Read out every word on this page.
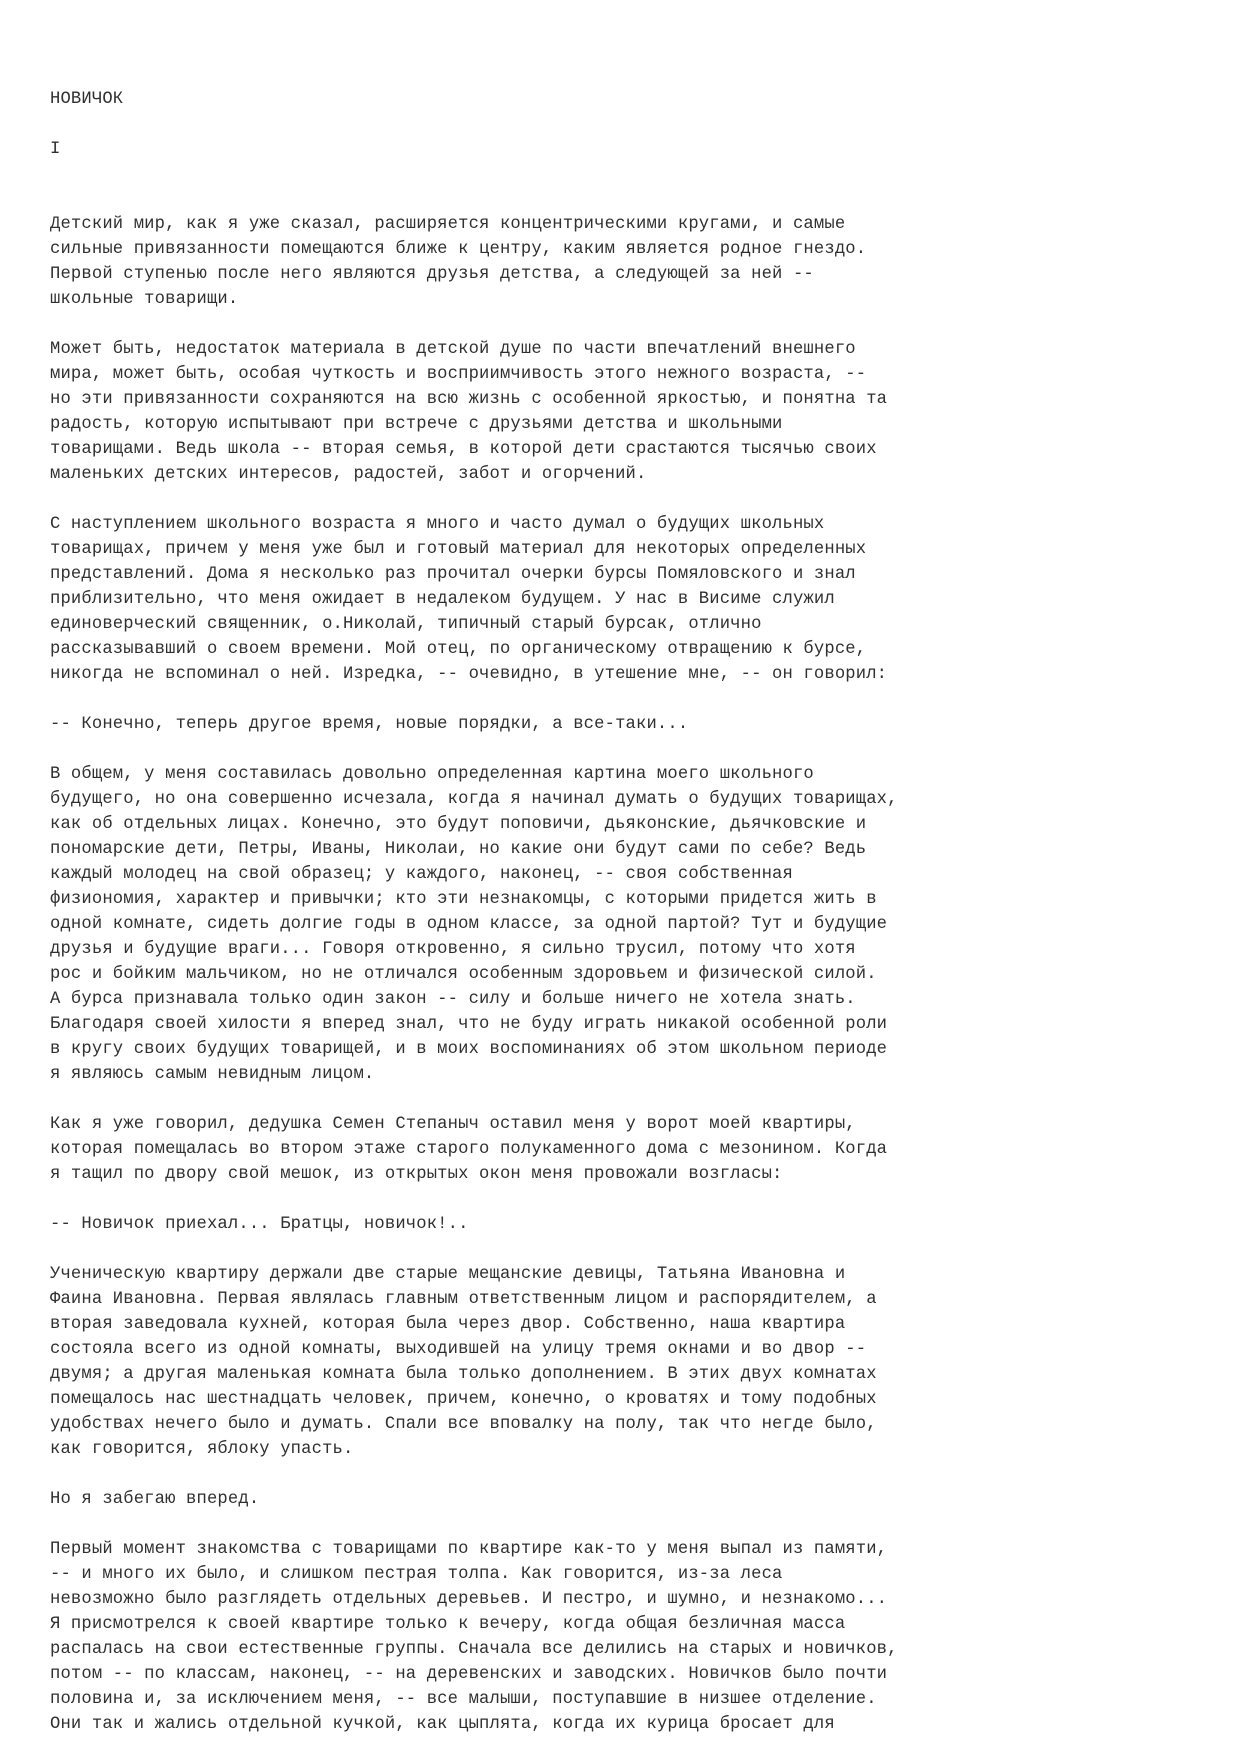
НОВИЧОК
I
Детский мир, как я уже сказал, расширяется концентрическими кругами, и самые
сильные привязанности помещаются ближе к центру, каким является родное гнездо.
Первой ступенью после него являются друзья детства, а следующей за ней --
школьные товарищи.
Может быть, недостаток материала в детской душе по части впечатлений внешнего
мира, может быть, особая чуткость и восприимчивость этого нежного возраста, --
но эти привязанности сохраняются на всю жизнь с особенной яркостью, и понятна та
радость, которую испытывают при встрече с друзьями детства и школьными
товарищами. Ведь школа -- вторая семья, в которой дети срастаются тысячью своих
маленьких детских интересов, радостей, забот и огорчений.
С наступлением школьного возраста я много и часто думал о будущих школьных
товарищах, причем у меня уже был и готовый материал для некоторых определенных
представлений. Дома я несколько раз прочитал очерки бурсы Помяловского и знал
приблизительно, что меня ожидает в недалеком будущем. У нас в Висиме служил
единоверческий священник, о.Николай, типичный старый бурсак, отлично
рассказывавший о своем времени. Мой отец, по органическому отвращению к бурсе,
никогда не вспоминал о ней. Изредка, -- очевидно, в утешение мне, -- он говорил:
-- Конечно, теперь другое время, новые порядки, а все-таки...
В общем, у меня составилась довольно определенная картина моего школьного
будущего, но она совершенно исчезала, когда я начинал думать о будущих товарищах,
как об отдельных лицах. Конечно, это будут поповичи, дьяконские, дьячковские и
пономарские дети, Петры, Иваны, Николаи, но какие они будут сами по себе? Ведь
каждый молодец на свой образец; у каждого, наконец, -- своя собственная
физиономия, характер и привычки; кто эти незнакомцы, с которыми придется жить в
одной комнате, сидеть долгие годы в одном классе, за одной партой? Тут и будущие
друзья и будущие враги... Говоря откровенно, я сильно трусил, потому что хотя
рос и бойким мальчиком, но не отличался особенным здоровьем и физической силой.
А бурса признавала только один закон -- силу и больше ничего не хотела знать.
Благодаря своей хилости я вперед знал, что не буду играть никакой особенной роли
в кругу своих будущих товарищей, и в моих воспоминаниях об этом школьном периоде
я являюсь самым невидным лицом.
Как я уже говорил, дедушка Семен Степаныч оставил меня у ворот моей квартиры,
которая помещалась во втором этаже старого полукаменного дома с мезонином. Когда
я тащил по двору свой мешок, из открытых окон меня провожали возгласы:
-- Новичок приехал... Братцы, новичок!..
Ученическую квартиру держали две старые мещанские девицы, Татьяна Ивановна и
Фаина Ивановна. Первая являлась главным ответственным лицом и распорядителем, а
вторая заведовала кухней, которая была через двор. Собственно, наша квартира
состояла всего из одной комнаты, выходившей на улицу тремя окнами и во двор --
двумя; а другая маленькая комната была только дополнением. В этих двух комнатах
помещалось нас шестнадцать человек, причем, конечно, о кроватях и тому подобных
удобствах нечего было и думать. Спали все вповалку на полу, так что негде было,
как говорится, яблоку упасть.
Но я забегаю вперед.
Первый момент знакомства с товарищами по квартире как-то у меня выпал из памяти,
-- и много их было, и слишком пестрая толпа. Как говорится, из-за леса
невозможно было разглядеть отдельных деревьев. И пестро, и шумно, и незнакомо...
Я присмотрелся к своей квартире только к вечеру, когда общая безличная масса
распалась на свои естественные группы. Сначала все делились на старых и новичков,
потом -- по классам, наконец, -- на деревенских и заводских. Новичков было почти
половина и, за исключением меня, -- все малыши, поступавшие в низшее отделение.
Они так и жались отдельной кучкой, как цыплята, когда их курица бросает для
